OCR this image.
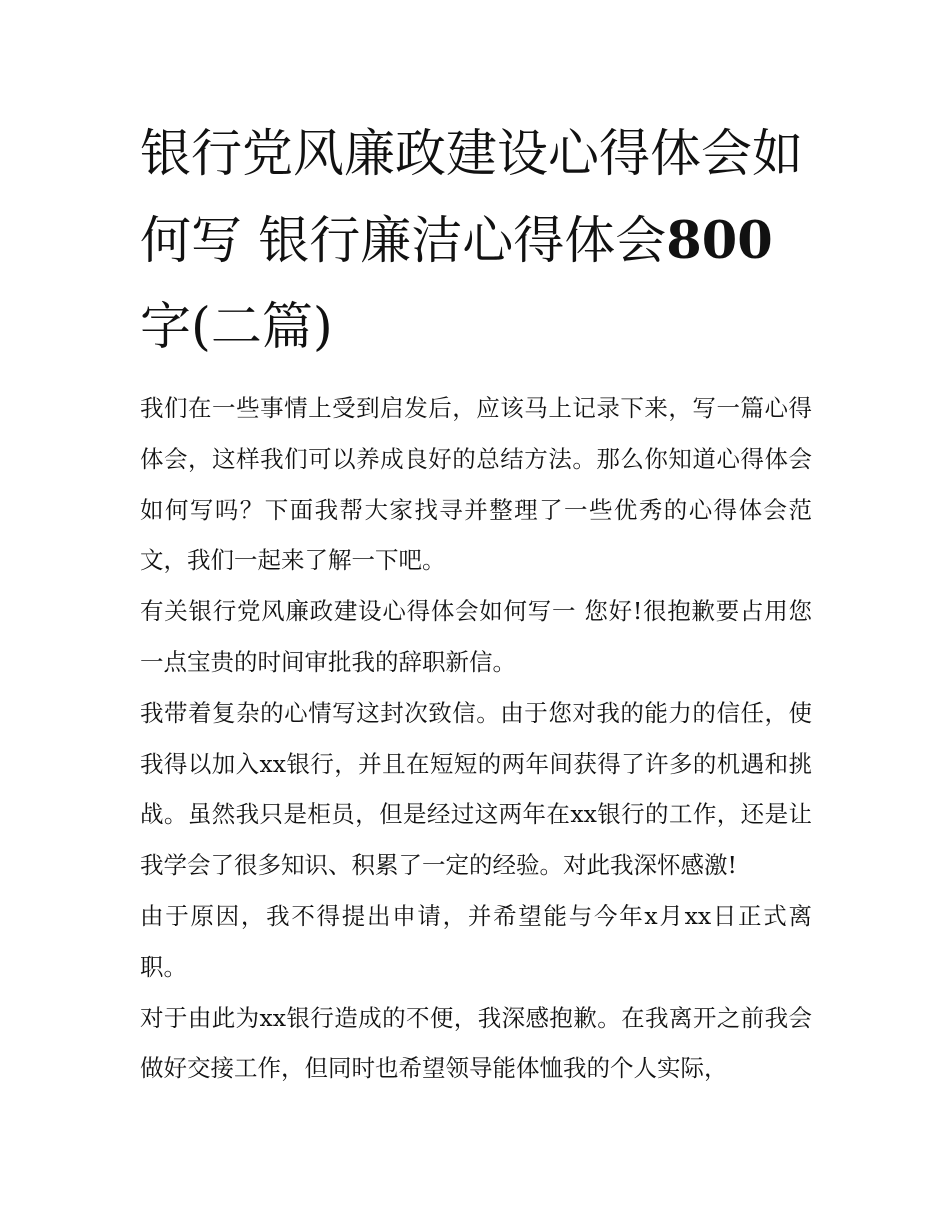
银行党风廉政建设心得体会如何写 银行廉洁心得体会800字(二篇)

我们在一些事情上受到启发后，应该马上记录下来，写一篇心得体会，这样我们可以养成良好的总结方法。那么你知道心得体会如何写吗？下面我帮大家找寻并整理了一些优秀的心得体会范文，我们一起来了解一下吧。

有关银行党风廉政建设心得体会如何写一 您好!很抱歉要占用您一点宝贵的时间审批我的辞职新信。

我带着复杂的心情写这封次致信。由于您对我的能力的信任，使我得以加入xx银行，并且在短短的两年间获得了许多的机遇和挑战。虽然我只是柜员，但是经过这两年在xx银行的工作，还是让我学会了很多知识、积累了一定的经验。对此我深怀感激!

由于原因，我不得提出申请，并希望能与今年x月xx日正式离职。

对于由此为xx银行造成的不便，我深感抱歉。在我离开之前我会做好交接工作，但同时也希望领导能体恤我的个人实际，
